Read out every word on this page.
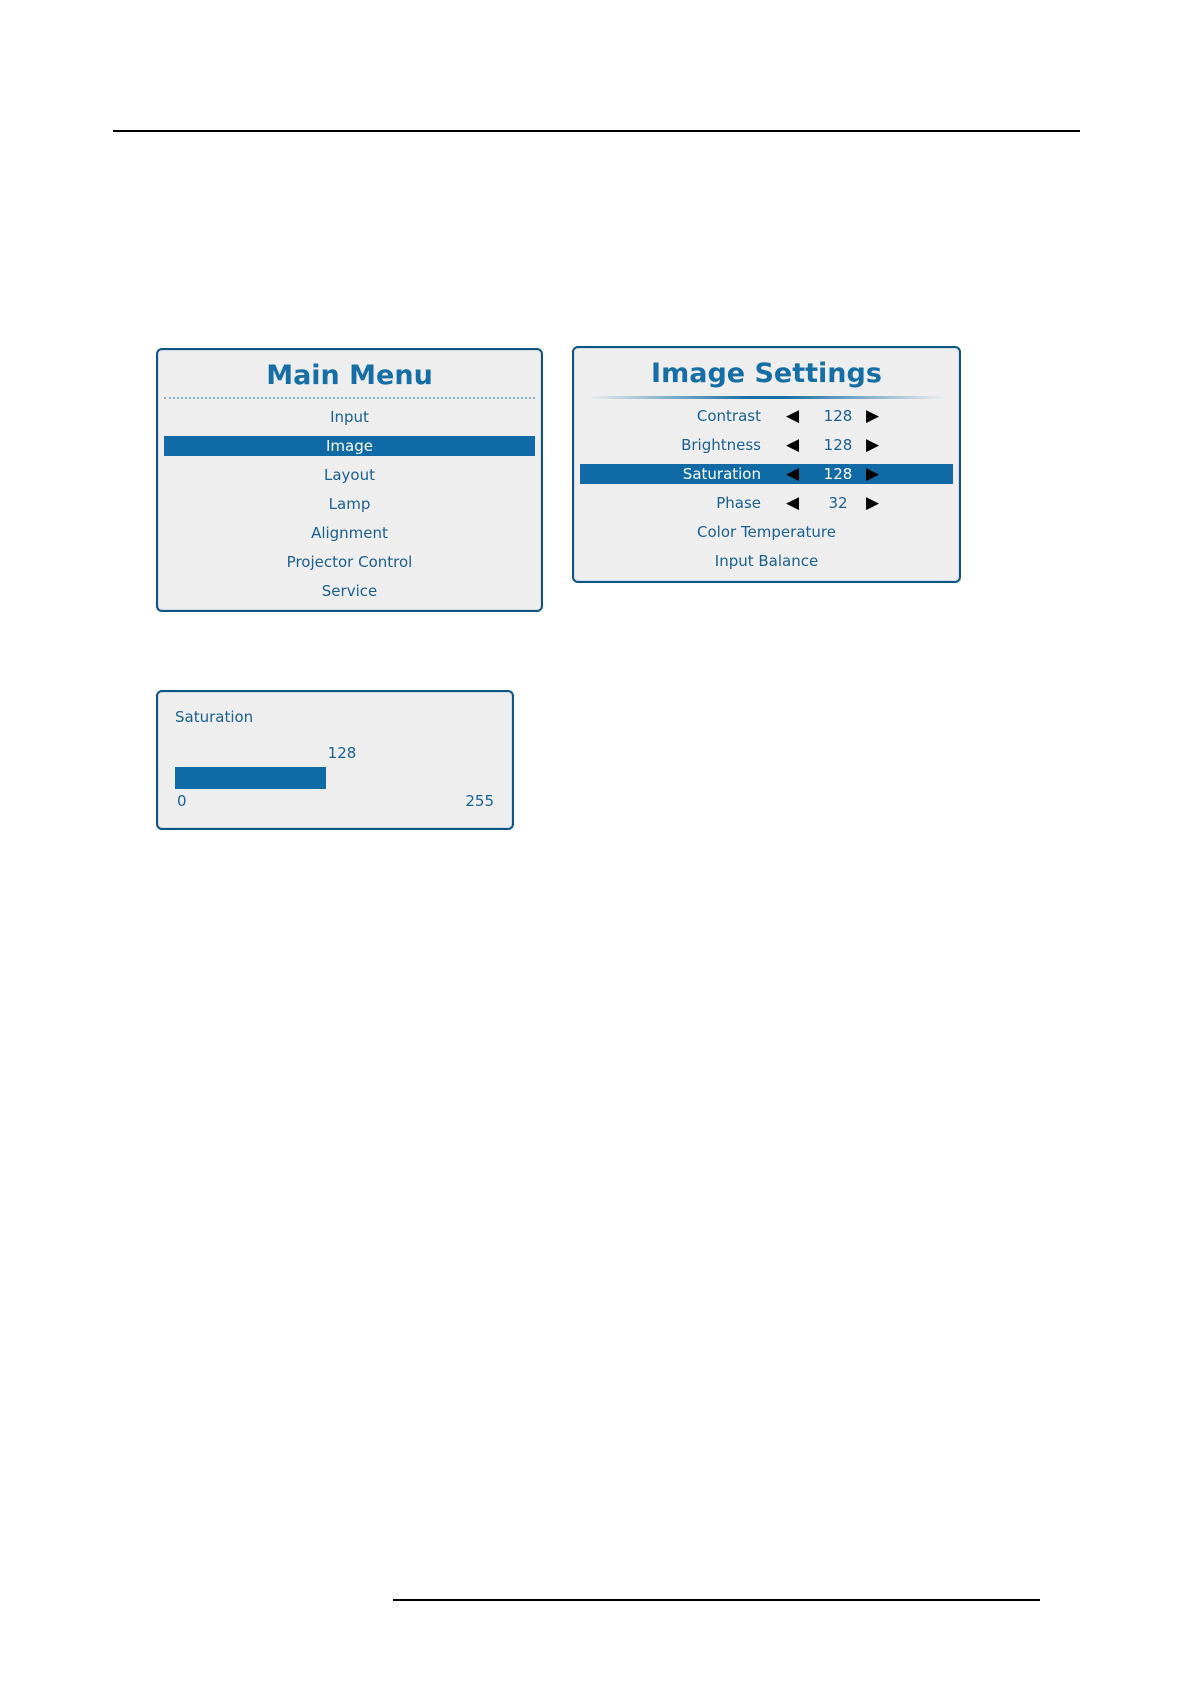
Main Menu
Input
Image
Layout
Lamp
Alignment
Projector Control
Service
Image Settings
Contrast ◀	128 ▶
Brightness ◀	128 ▶
Saturation ◀	128 ▶
Phase ◀	32	▶
Color Temperature
Input Balance
Saturation
128
0	255
